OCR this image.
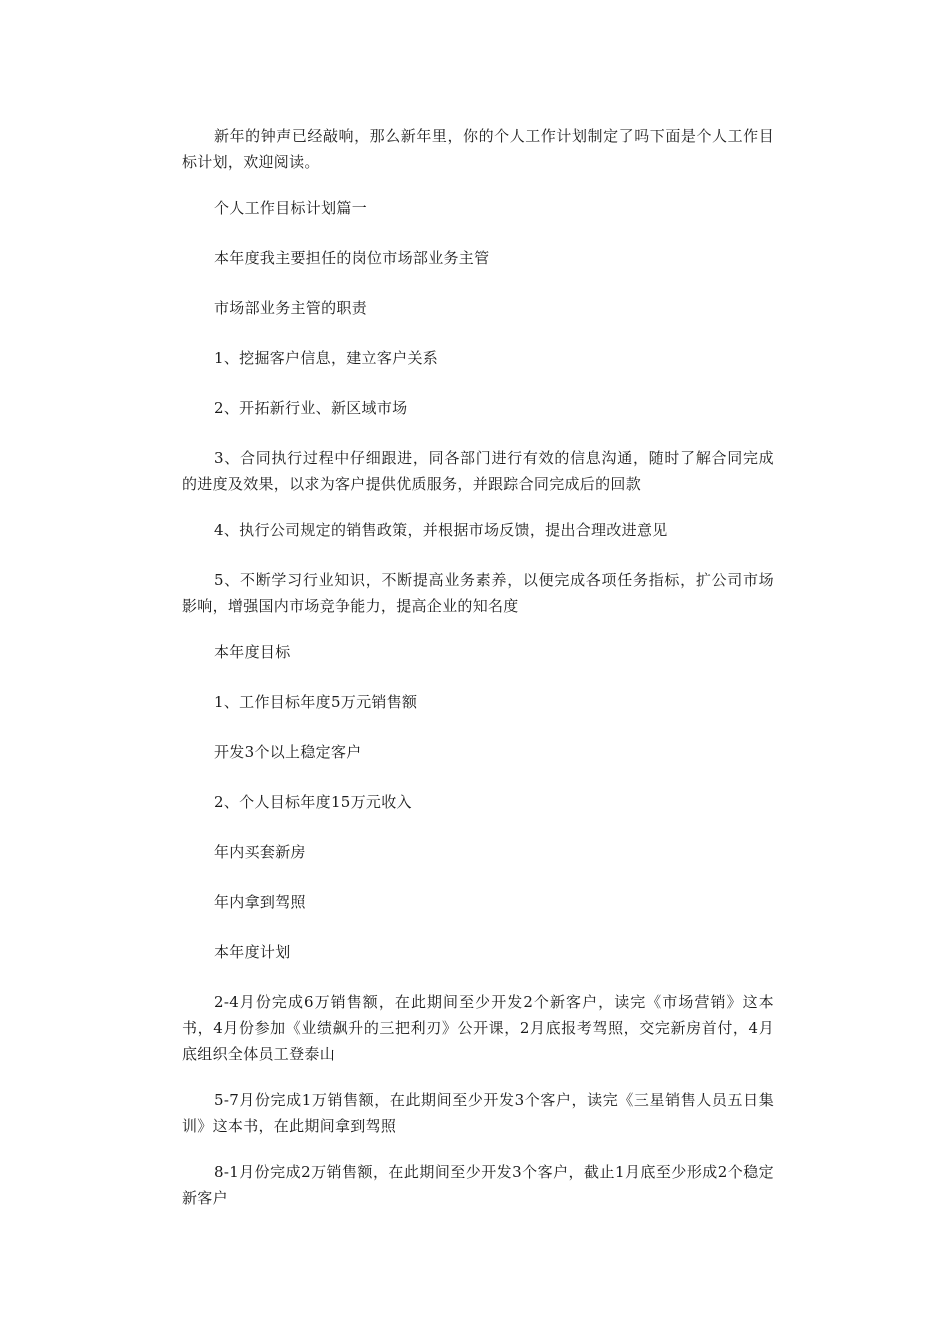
新年的钟声已经敲响，那么新年里，你的个人工作计划制定了吗下面是个人工作目标计划，欢迎阅读。

个人工作目标计划篇一

本年度我主要担任的岗位市场部业务主管

市场部业务主管的职责

1、挖掘客户信息，建立客户关系

2、开拓新行业、新区域市场

3、合同执行过程中仔细跟进，同各部门进行有效的信息沟通，随时了解合同完成的进度及效果，以求为客户提供优质服务，并跟踪合同完成后的回款

4、执行公司规定的销售政策，并根据市场反馈，提出合理改进意见

5、不断学习行业知识，不断提高业务素养，以便完成各项任务指标，扩公司市场影响，增强国内市场竞争能力，提高企业的知名度

本年度目标

1、工作目标年度5万元销售额

开发3个以上稳定客户

2、个人目标年度15万元收入

年内买套新房

年内拿到驾照

本年度计划

2-4月份完成6万销售额，在此期间至少开发2个新客户，读完《市场营销》这本书，4月份参加《业绩飙升的三把利刃》公开课，2月底报考驾照，交完新房首付，4月底组织全体员工登泰山

5-7月份完成1万销售额，在此期间至少开发3个客户，读完《三星销售人员五日集训》这本书，在此期间拿到驾照

8-1月份完成2万销售额，在此期间至少开发3个客户，截止1月底至少形成2个稳定新客户
